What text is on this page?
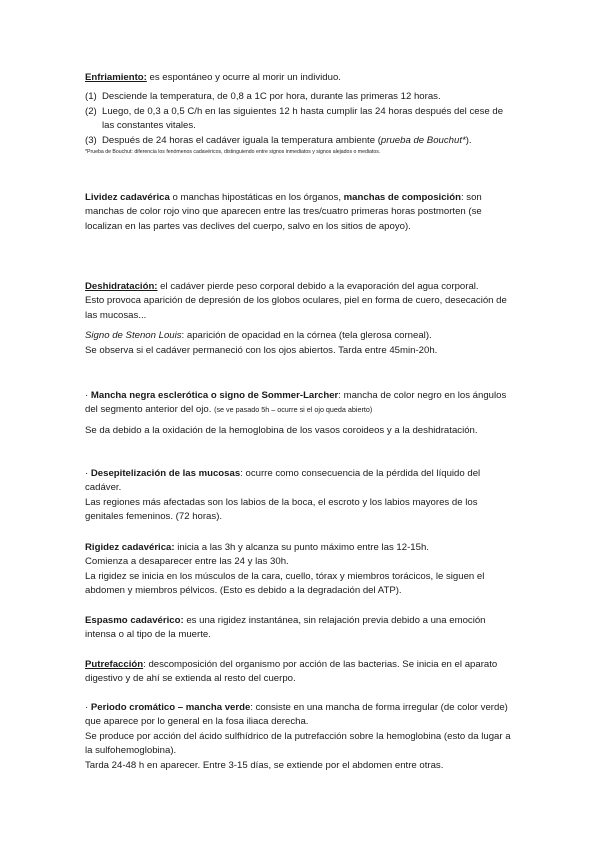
Enfriamiento: es espontáneo y ocurre al morir un individuo.

(1) Desciende la temperatura, de 0,8 a 1C por hora, durante las primeras 12 horas.
(2) Luego, de 0,3 a 0,5 C/h en las siguientes 12 h hasta cumplir las 24 horas después del cese de las constantes vitales.
(3) Después de 24 horas el cadáver iguala la temperatura ambiente (prueba de Bouchut*).

*Prueba de Bouchut: diferencia los fenómenos cadavéricos, distinguiendo entre signos inmediatos y signos alejados o mediatos.

Lividez cadavérica o manchas hipostáticas en los órganos, manchas de composición: son manchas de color rojo vino que aparecen entre las tres/cuatro primeras horas postmorten (se localizan en las partes vas declives del cuerpo, salvo en los sitios de apoyo).

Deshidratación: el cadáver pierde peso corporal debido a la evaporación del agua corporal.

Esto provoca aparición de depresión de los globos oculares, piel en forma de cuero, desecación de las mucosas...

Signo de Stenon Louis: aparición de opacidad en la córnea (tela glerosa corneal).

Se observa si el cadáver permaneció con los ojos abiertos. Tarda entre 45min-20h.

· Mancha negra esclerótica o signo de Sommer-Larcher: mancha de color negro en los ángulos del segmento anterior del ojo. (se ve pasado 5h – ocurre si el ojo queda abierto)

Se da debido a la oxidación de la hemoglobina de los vasos coroideos y a la deshidratación.

· Desepitelización de las mucosas: ocurre como consecuencia de la pérdida del líquido del cadáver.

Las regiones más afectadas son los labios de la boca, el escroto y los labios mayores de los genitales femeninos. (72 horas).

Rigidez cadavérica: inicia a las 3h y alcanza su punto máximo entre las 12-15h.

Comienza a desaparecer entre las 24 y las 30h.

La rigidez se inicia en los músculos de la cara, cuello, tórax y miembros torácicos, le siguen el abdomen y miembros pélvicos. (Esto es debido a la degradación del ATP).

Espasmo cadavérico: es una rigidez instantánea, sin relajación previa debido a una emoción intensa o al tipo de la muerte.

Putrefacción: descomposición del organismo por acción de las bacterias. Se inicia en el aparato digestivo y de ahí se extienda al resto del cuerpo.

· Periodo cromático – mancha verde: consiste en una mancha de forma irregular (de color verde) que aparece por lo general en la fosa iliaca derecha.

Se produce por acción del ácido sulfhídrico de la putrefacción sobre la hemoglobina (esto da lugar a la sulfohemoglobina).

Tarda 24-48 h en aparecer. Entre 3-15 días, se extiende por el abdomen entre otras.
